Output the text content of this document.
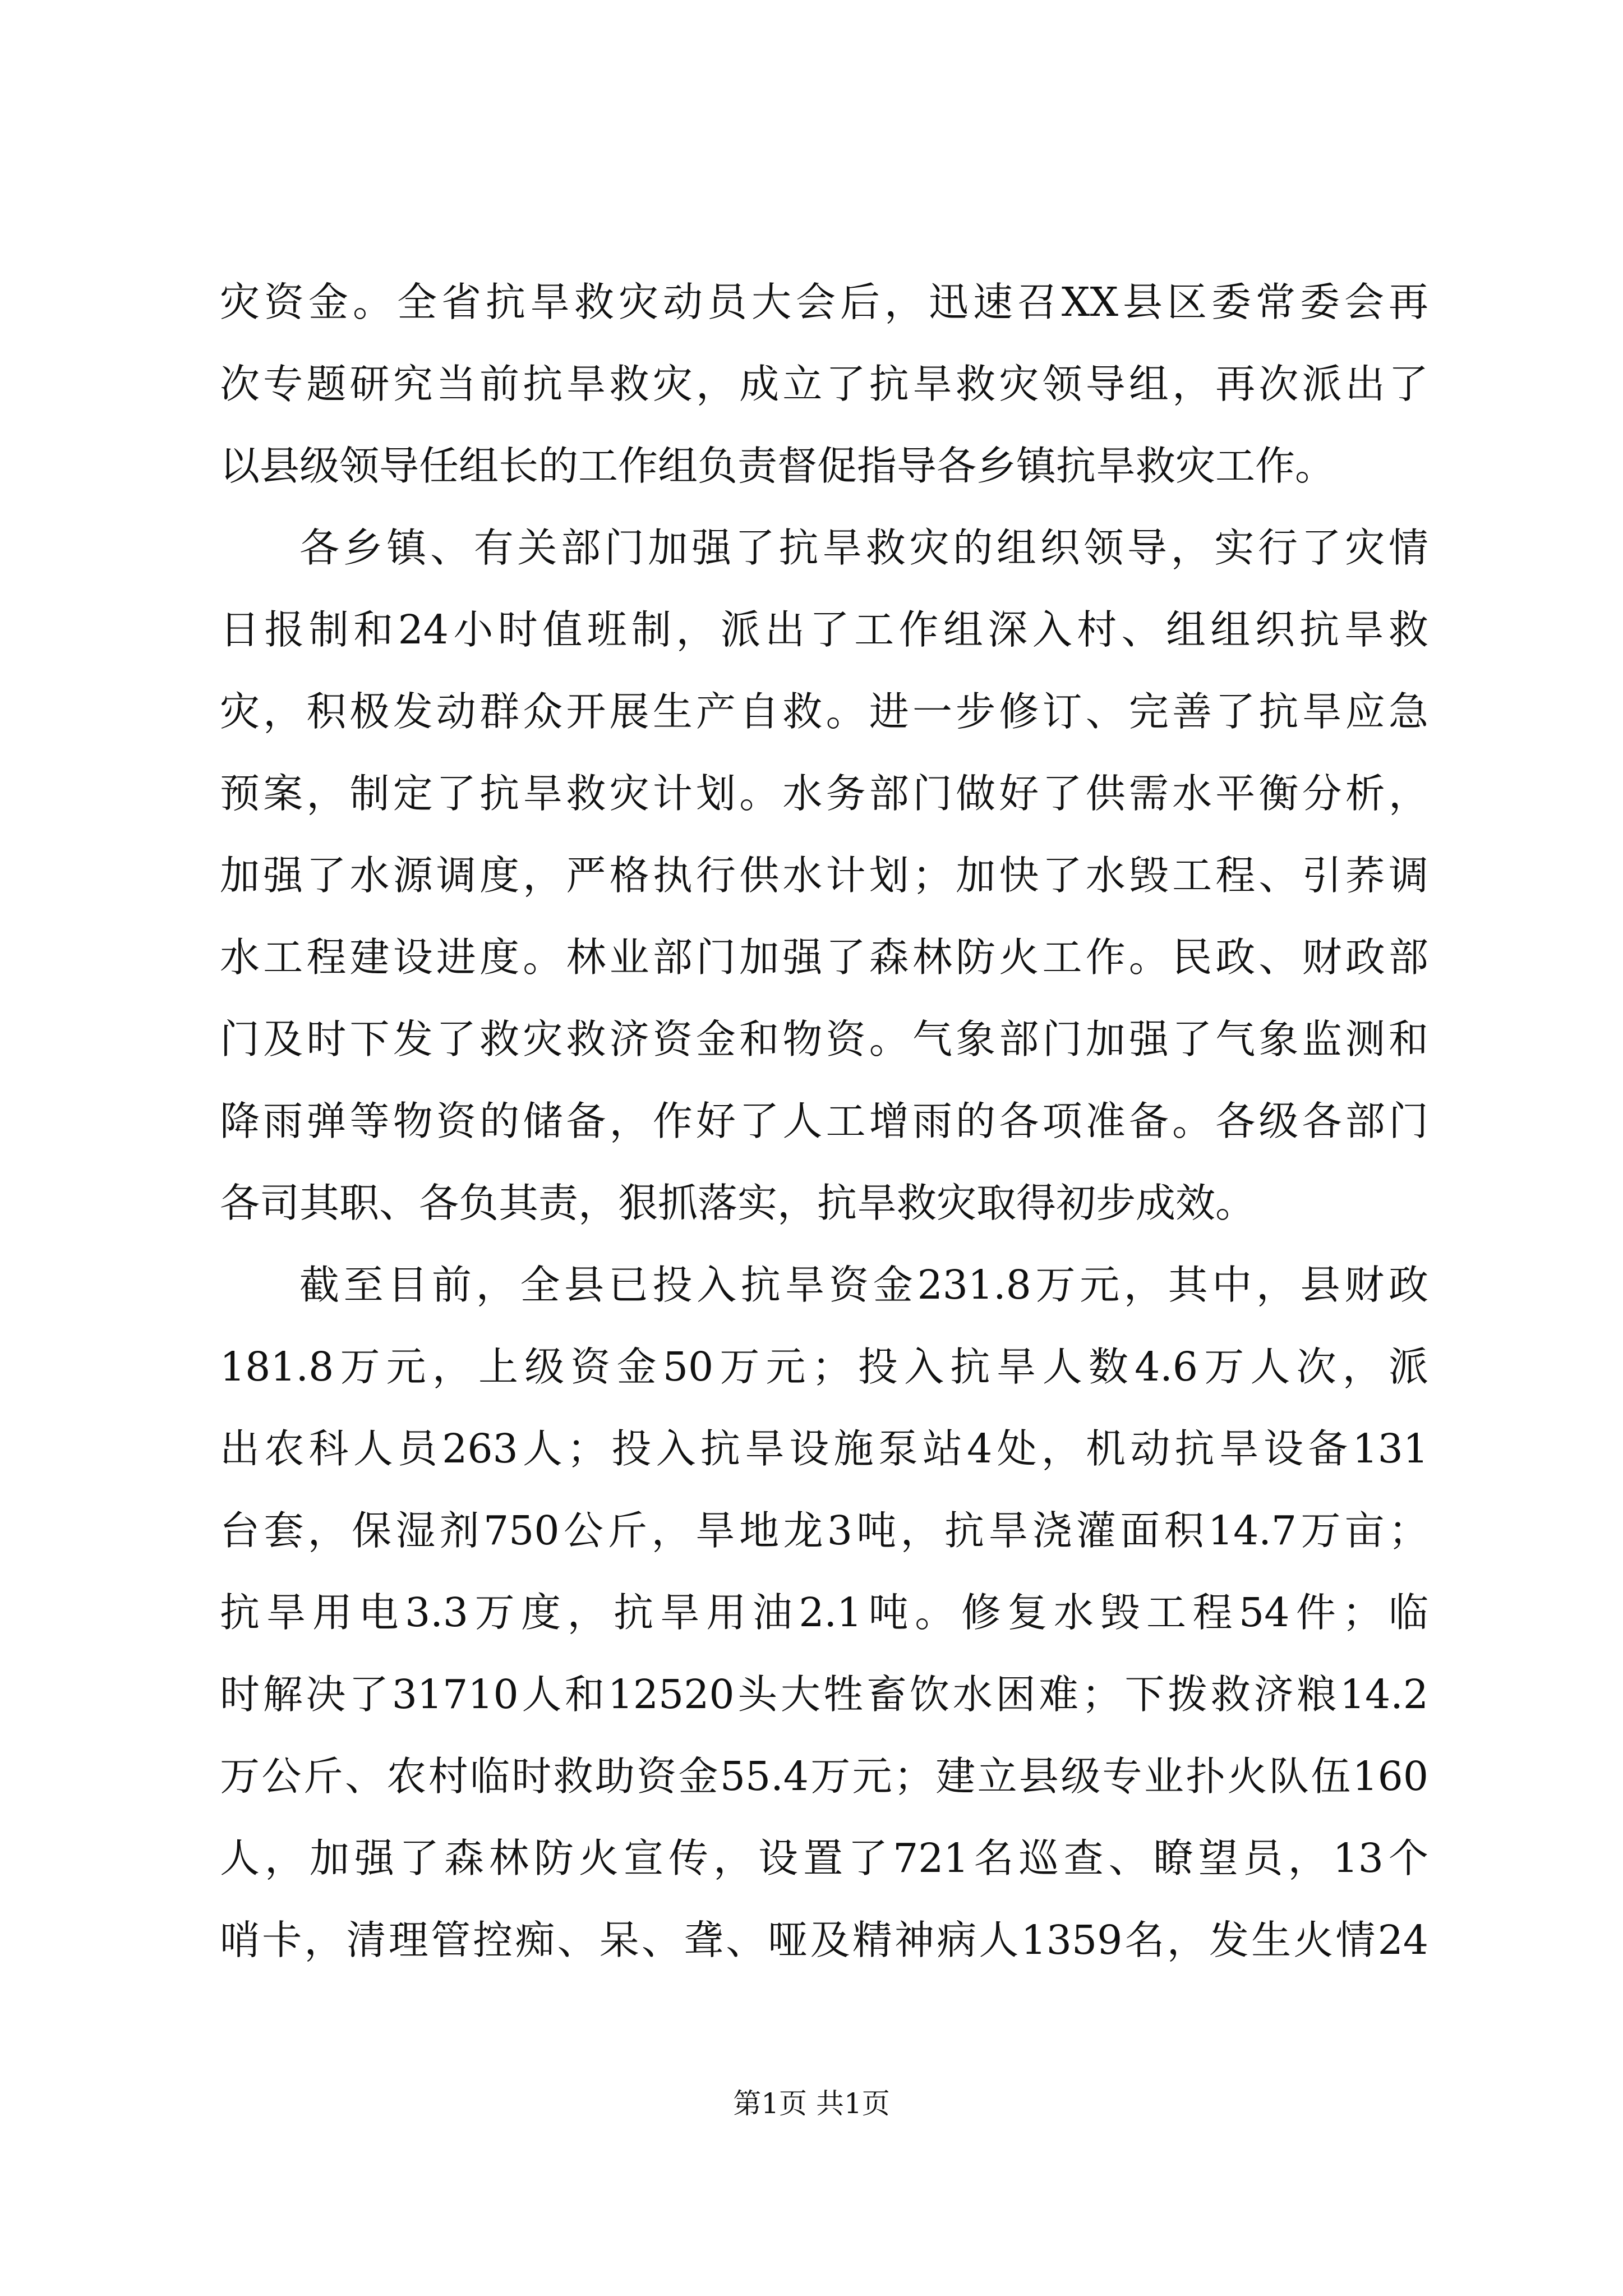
灾资金。全省抗旱救灾动员大会后，迅速召XX县区委常委会再
次专题研究当前抗旱救灾，成立了抗旱救灾领导组，再次派出了
以县级领导任组长的工作组负责督促指导各乡镇抗旱救灾工作。
各乡镇、有关部门加强了抗旱救灾的组织领导，实行了灾情
日报制和24小时值班制，派出了工作组深入村、组组织抗旱救
灾，积极发动群众开展生产自救。进一步修订、完善了抗旱应急
预案，制定了抗旱救灾计划。水务部门做好了供需水平衡分析，
加强了水源调度，严格执行供水计划；加快了水毁工程、引荞调
水工程建设进度。林业部门加强了森林防火工作。民政、财政部
门及时下发了救灾救济资金和物资。气象部门加强了气象监测和
降雨弹等物资的储备，作好了人工增雨的各项准备。各级各部门
各司其职、各负其责，狠抓落实，抗旱救灾取得初步成效。
截至目前，全县已投入抗旱资金231.8万元，其中，县财政
181.8万元，上级资金50万元；投入抗旱人数4.6万人次，派
出农科人员263人；投入抗旱设施泵站4处，机动抗旱设备131
台套，保湿剂750公斤，旱地龙3吨，抗旱浇灌面积14.7万亩；
抗旱用电3.3万度，抗旱用油2.1吨。修复水毁工程54件；临
时解决了31710人和12520头大牲畜饮水困难；下拨救济粮14.2
万公斤、农村临时救助资金55.4万元；建立县级专业扑火队伍160
人，加强了森林防火宣传，设置了721名巡查、瞭望员，13个
哨卡，清理管控痴、呆、聋、哑及精神病人1359名，发生火情24
第1页 共1页
